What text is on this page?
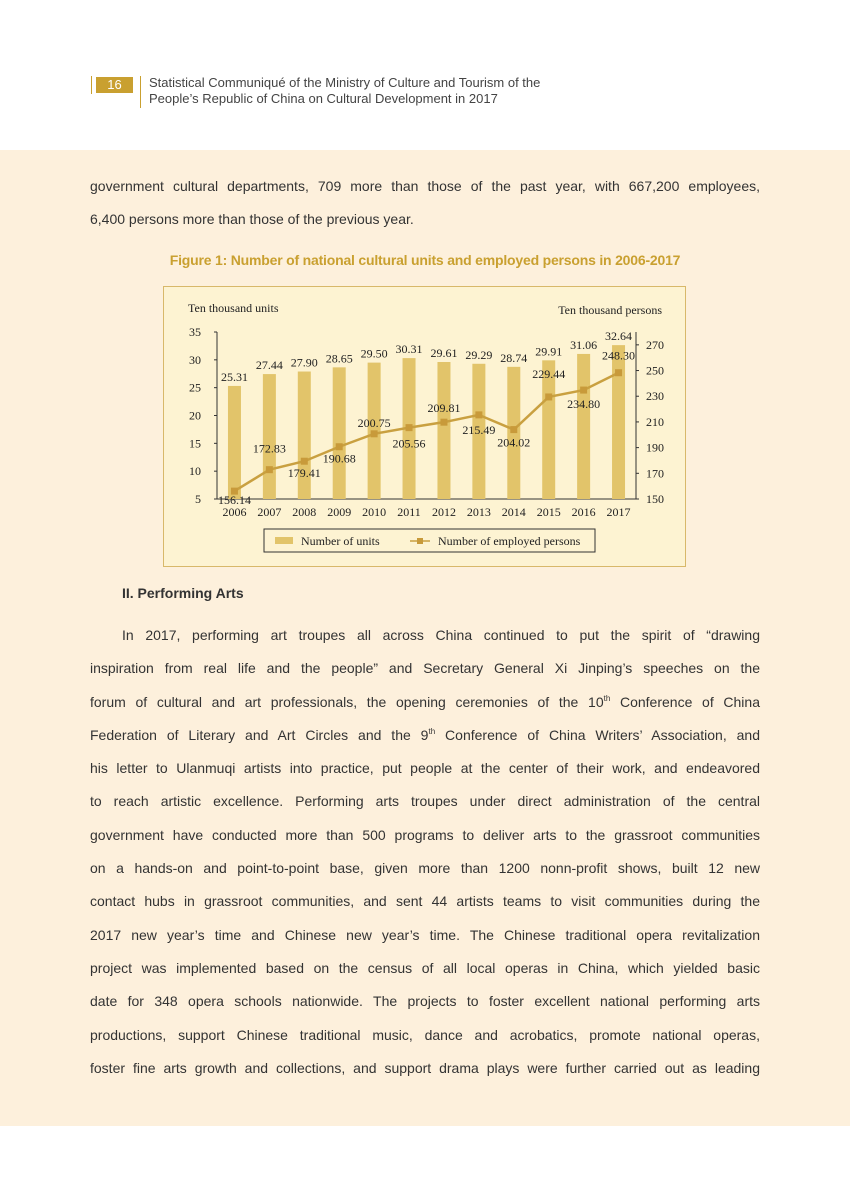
16	Statistical Communiqué of the Ministry of Culture and Tourism of the
People’s Republic of China on Cultural Development in 2017
government cultural departments, 709 more than those of the past year, with 667,200 employees,
6,400 persons more than those of the previous year.
Figure 1: Number of national cultural units and employed persons in 2006-2017
Ten thousand units	Ten thousand persons
5
10
15
20
25
30
35
150
170
190
210
230
250
270
25.31
27.44 27.90 28.65 29.50 30.31 29.61 29.29 28.74 29.91 31.06
32.64
156.14
172.83
179.41
190.68
200.75
205.56
209.81
215.49
204.02
229.44
234.80
248.30
2006 2007 2008 2009 2010 2011 2012 2013 2014 2015 2016 2017
Number of units	Number of employed persons
II. Performing Arts
In 2017, performing art troupes all across China continued to put the spirit of “drawing
inspiration from real life and the people” and Secretary General Xi Jinping’s speeches on the
forum of cultural and art professionals, the opening ceremonies of the 10th Conference of China
Federation of Literary and Art Circles and the 9th Conference of China Writers’ Association, and
his letter to Ulanmuqi artists into practice, put people at the center of their work, and endeavored
to reach artistic excellence. Performing arts troupes under direct administration of the central
government have conducted more than 500 programs to deliver arts to the grassroot communities
on a hands-on and point-to-point base, given more than 1200 nonn-profit shows, built 12 new
contact hubs in grassroot communities, and sent 44 artists teams to visit communities during the
2017 new year’s time and Chinese new year’s time. The Chinese traditional opera revitalization
project was implemented based on the census of all local operas in China, which yielded basic
date for 348 opera schools nationwide. The projects to foster excellent national performing arts
productions, support Chinese traditional music, dance and acrobatics, promote national operas,
foster fine arts growth and collections, and support drama plays were further carried out as leading
